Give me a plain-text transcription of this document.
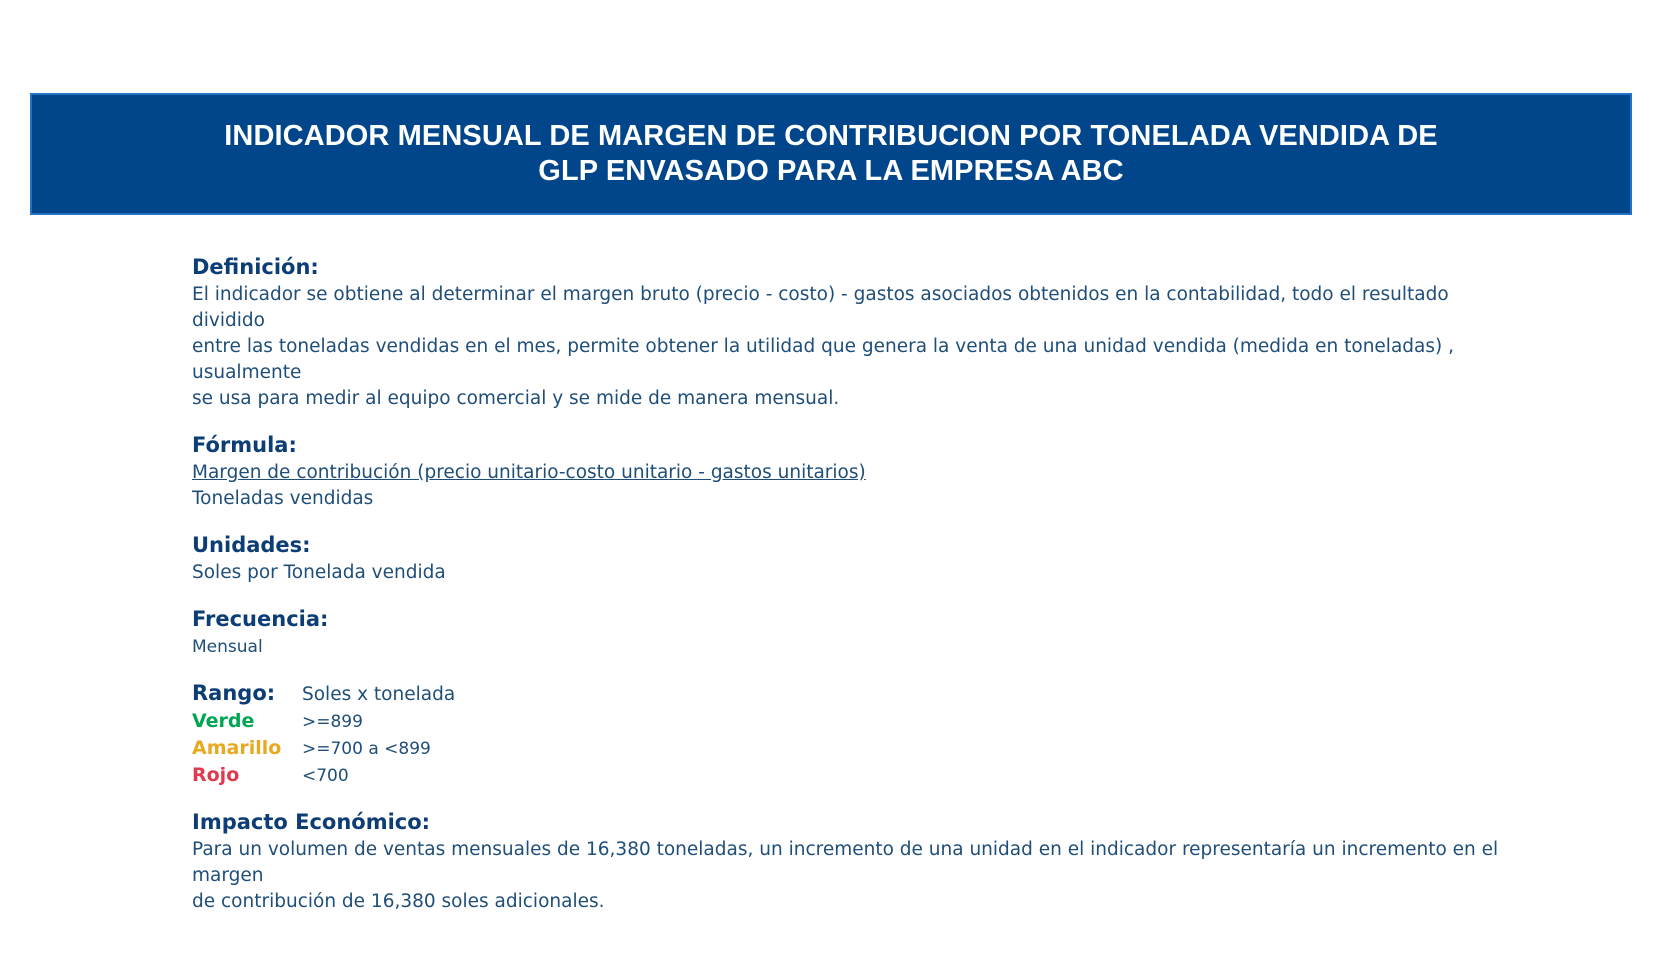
INDICADOR MENSUAL DE MARGEN DE CONTRIBUCION POR TONELADA VENDIDA DE
GLP ENVASADO PARA LA EMPRESA ABC
Definición:
El indicador se obtiene al determinar el margen bruto (precio - costo) - gastos asociados obtenidos en la contabilidad, todo el resultado dividido
entre las toneladas vendidas en el mes, permite obtener la utilidad que genera la venta de una unidad vendida (medida en toneladas) , usualmente
se usa para medir al equipo comercial y se mide de manera mensual.
Fórmula:
Margen de contribución (precio unitario-costo unitario - gastos unitarios)
Toneladas vendidas
Unidades:
Soles por Tonelada vendida
Frecuencia:
Mensual
Rango:	Soles x tonelada
Verde	>=899
Amarillo	>=700 a <899
Rojo	<700
Impacto Económico:
Para un volumen de ventas mensuales de 16,380 toneladas, un incremento de una unidad en el indicador representaría un incremento en el margen
de contribución de 16,380 soles adicionales.
